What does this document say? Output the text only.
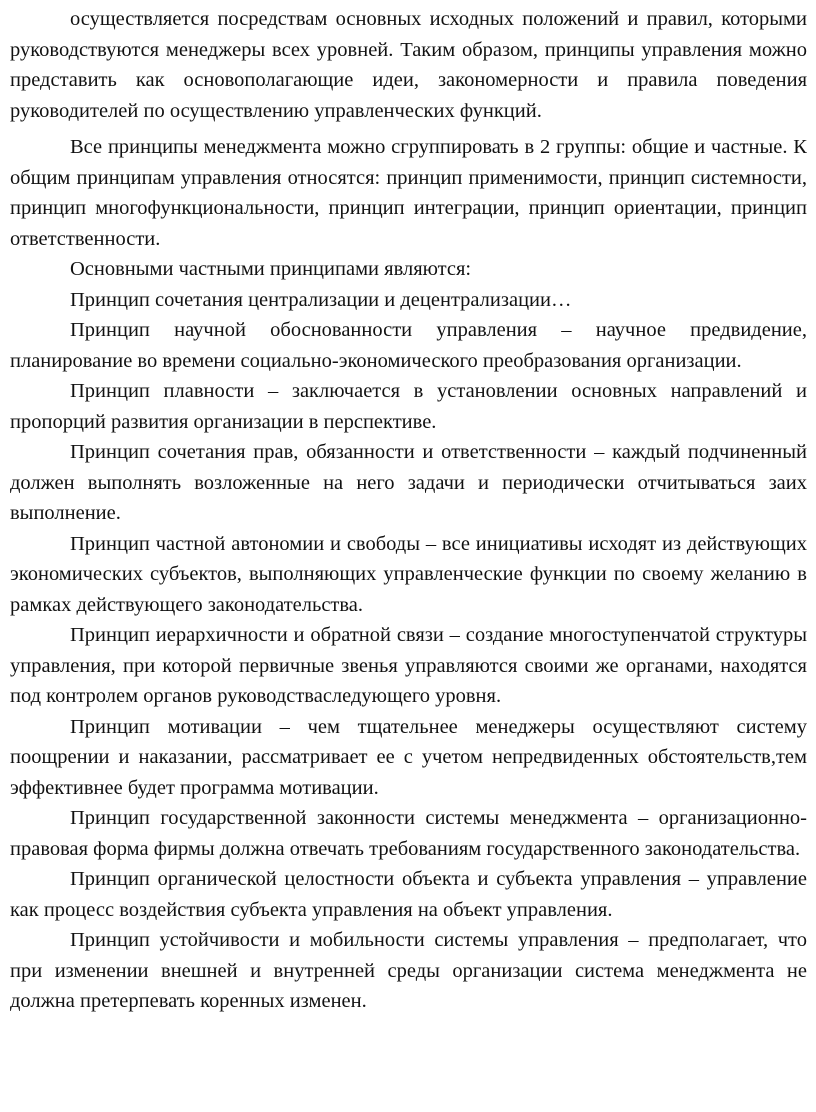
осуществляется посредствам основных исходных положений и правил, которыми руководствуются менеджеры всех уровней. Таким образом, принципы управления можно представить как основополагающие идеи, закономерности и правила поведения руководителей по осуществлению управленческих функций.

Все принципы менеджмента можно сгруппировать в 2 группы: общие и частные. К общим принципам управления относятся: принцип применимости, принцип системности, принцип многофункциональности, принцип интеграции, принцип ориентации, принцип ответственности.

Основными частными принципами являются:

Принцип сочетания централизации и децентрализации…

Принцип научной обоснованности управления – научное предвидение, планирование во времени социально-экономического преобразования организации.

Принцип плавности – заключается в установлении основных направлений и пропорций развития организации в перспективе.

Принцип сочетания прав, обязанности и ответственности – каждый подчиненный должен выполнять возложенные на него задачи и периодически отчитываться заих выполнение.

Принцип частной автономии и свободы – все инициативы исходят из действующих экономических субъектов, выполняющих управленческие функции по своему желанию в рамках действующего законодательства.

Принцип иерархичности и обратной связи – создание многоступенчатой структуры управления, при которой первичные звенья управляются своими же органами, находятся под контролем органов руководстваследующего уровня.

Принцип мотивации – чем тщательнее менеджеры осуществляют систему поощрении и наказании, рассматривает ее с учетом непредвиденных обстоятельств,тем эффективнее будет программа мотивации.

Принцип государственной законности системы менеджмента – организационно-правовая форма фирмы должна отвечать требованиям государственного законодательства.

Принцип органической целостности объекта и субъекта управления – управление как процесс воздействия субъекта управления на объект управления.

Принцип устойчивости и мобильности системы управления – предполагает, что при изменении внешней и внутренней среды организации система менеджмента не должна претерпевать коренных изменен.
